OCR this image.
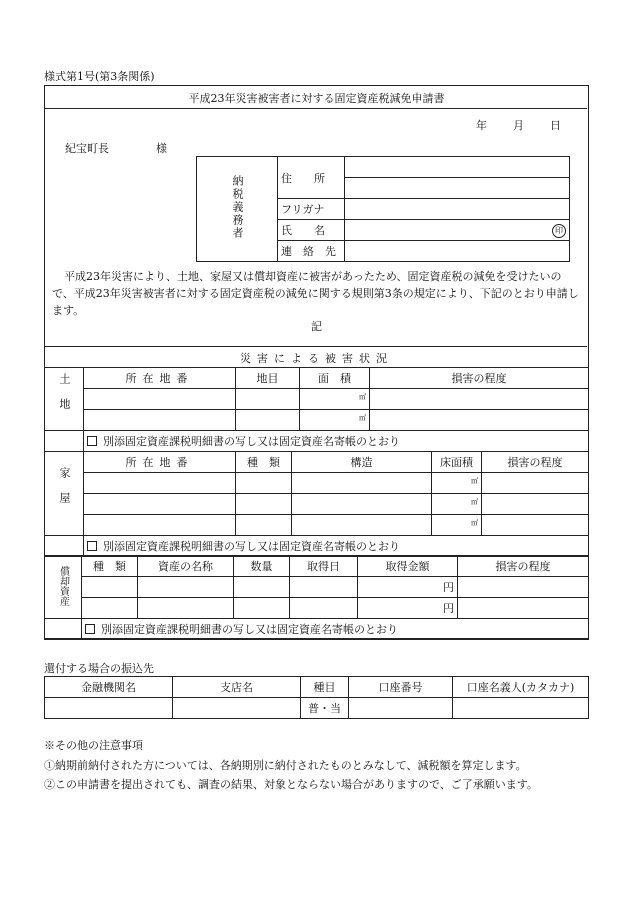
様式第1号(第3条関係)
平成23年災害被害者に対する固定資産税減免申請書
年 月 日
紀宝町長	様
納税義務者	住　　所	

	フリガナ	
	氏　　名	印
	連　絡　先	
平成23年災害により、土地、家屋又は償却資産に被害があったため、固定資産税の減免を受けたいので、平成23年災害被害者に対する固定資産税の減免に関する規則第3条の規定により、下記のとおり申請します。
記
災害による被害状況
土地	所在地番	地目	面　積	損害の程度
			㎡	
			㎡	
	別添固定資産課税明細書の写し又は固定資産名寄帳のとおり			
家屋	所在地番	種　類	構造	床面積	損害の程度
				㎡	
				㎡	
				㎡	
	別添固定資産課税明細書の写し又は固定資産名寄帳のとおり				
償却資産	種　類	資産の名称	数量	取得日	取得金額	損害の程度
					円	
					円	
	別添固定資産課税明細書の写し又は固定資産名寄帳のとおり					
還付する場合の振込先
金融機関名	支店名	種目	口座番号	口座名義人(カタカナ)
		普・当		
※その他の注意事項
①納期前納付された方については、各納期別に納付されたものとみなして、減税額を算定します。
②この申請書を提出されても、調査の結果、対象とならない場合がありますので、ご了承願います。
